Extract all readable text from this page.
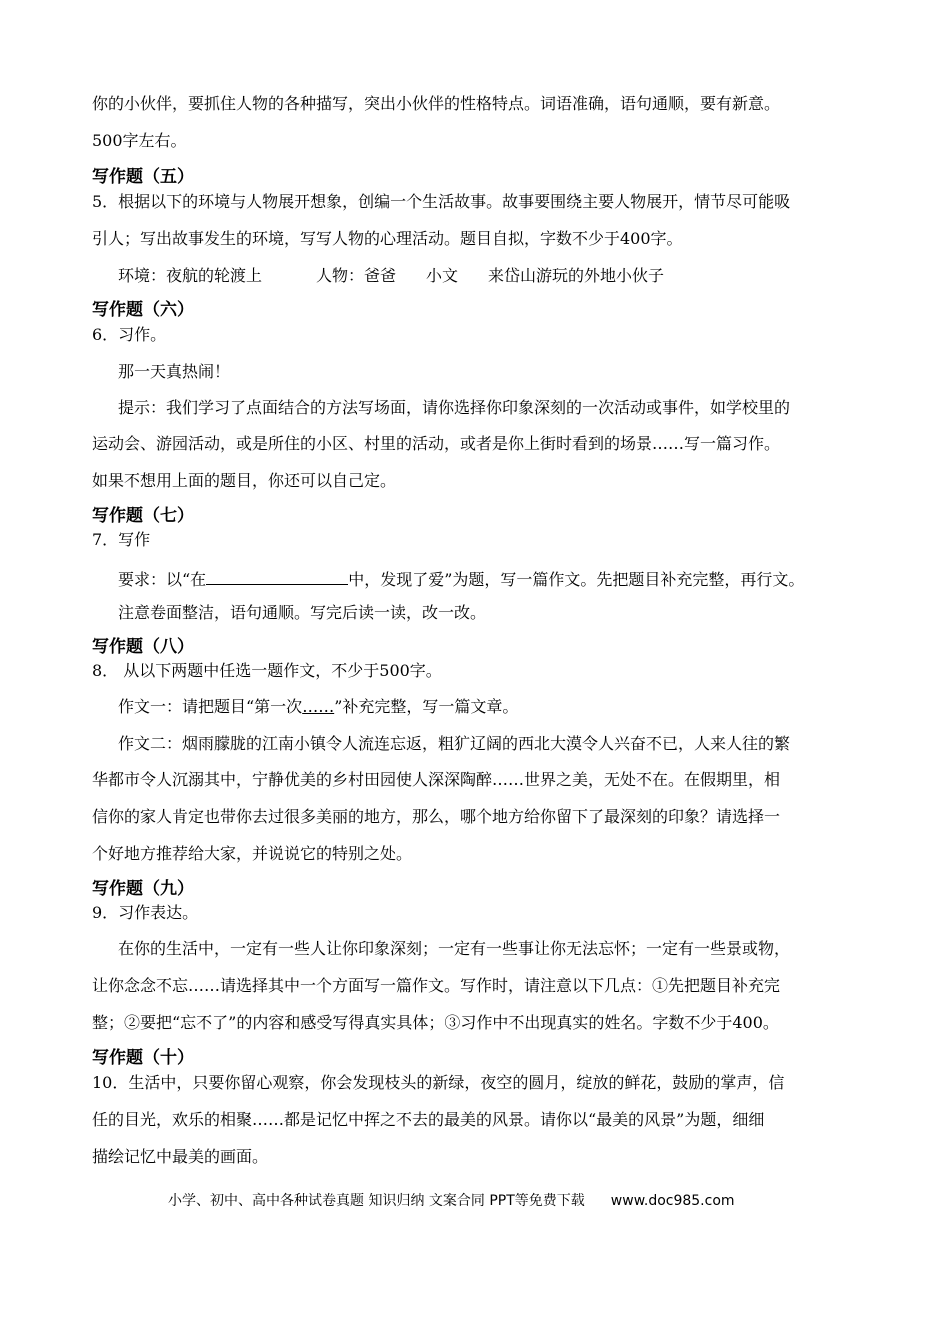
你的小伙伴，要抓住人物的各种描写，突出小伙伴的性格特点。词语准确，语句通顺，要有新意。
500字左右。
写作题（五）
5．根据以下的环境与人物展开想象，创编一个生活故事。故事要围绕主要人物展开，情节尽可能吸
引人；写出故事发生的环境，写写人物的心理活动。题目自拟，字数不少于400字。
环境：夜航的轮渡上	人物：爸爸 小文 来岱山游玩的外地小伙子
写作题（六）
6．习作。
那一天真热闹！
提示：我们学习了点面结合的方法写场面，请你选择你印象深刻的一次活动或事件，如学校里的
运动会、游园活动，或是所住的小区、村里的活动，或者是你上街时看到的场景……写一篇习作。
如果不想用上面的题目，你还可以自己定。
写作题（七）
7．写作
要求：以“在	中，发现了爱”为题，写一篇作文。先把题目补充完整，再行文。
注意卷面整洁，语句通顺。写完后读一读，改一改。
写作题（八）
8． 从以下两题中任选一题作文，不少于500字。
作文一：请把题目“第一次……”补充完整，写一篇文章。
作文二：烟雨朦胧的江南小镇令人流连忘返，粗犷辽阔的西北大漠令人兴奋不已，人来人往的繁
华都市令人沉溺其中，宁静优美的乡村田园使人深深陶醉……世界之美，无处不在。在假期里，相
信你的家人肯定也带你去过很多美丽的地方，那么，哪个地方给你留下了最深刻的印象？请选择一
个好地方推荐给大家，并说说它的特别之处。
写作题（九）
9．习作表达。
在你的生活中，一定有一些人让你印象深刻；一定有一些事让你无法忘怀；一定有一些景或物，
让你念念不忘……请选择其中一个方面写一篇作文。写作时，请注意以下几点：①先把题目补充完
整；②要把“忘不了”的内容和感受写得真实具体；③习作中不出现真实的姓名。字数不少于400。
写作题（十）
10．生活中，只要你留心观察，你会发现枝头的新绿，夜空的圆月，绽放的鲜花，鼓励的掌声，信
任的目光，欢乐的相聚……都是记忆中挥之不去的最美的风景。请你以“最美的风景”为题，细细
描绘记忆中最美的画面。
小学、初中、高中各种试卷真题 知识归纳 文案合同 PPT等免费下载 www.doc985.com
